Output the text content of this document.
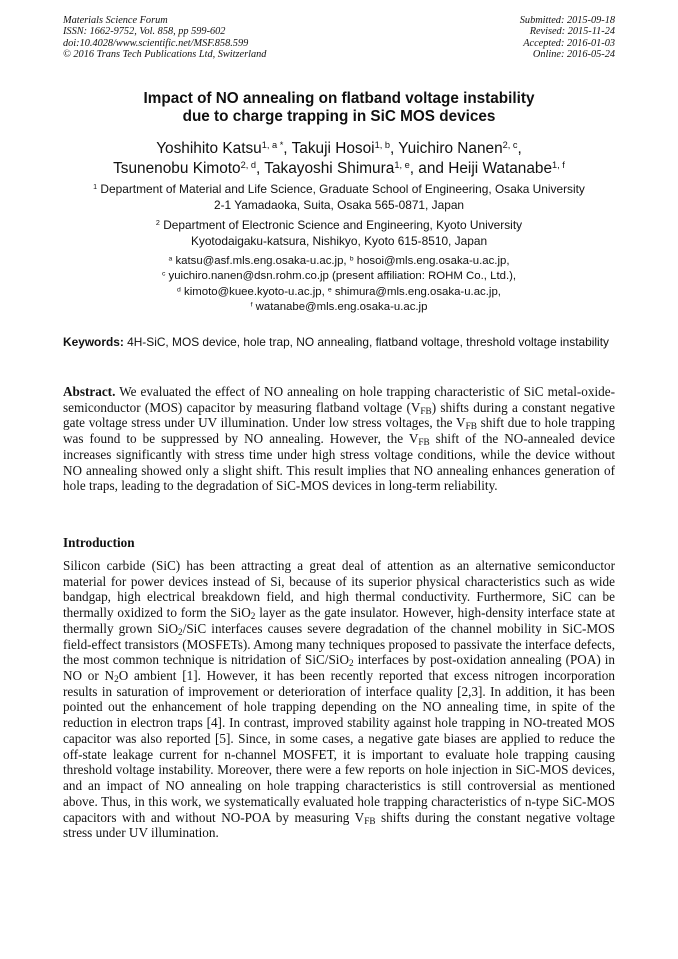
Materials Science Forum
ISSN: 1662-9752, Vol. 858, pp 599-602
doi:10.4028/www.scientific.net/MSF.858.599
© 2016 Trans Tech Publications Ltd, Switzerland
Submitted: 2015-09-18
Revised: 2015-11-24
Accepted: 2016-01-03
Online: 2016-05-24
Impact of NO annealing on flatband voltage instability
due to charge trapping in SiC MOS devices
Yoshihito Katsu$^{1, a *}$, Takuji Hosoi$^{1, b}$, Yuichiro Nanen$^{2, c}$,
Tsunenobu Kimoto$^{2, d}$, Takayoshi Shimura$^{1, e}$, and Heiji Watanabe$^{1, f}$
$^1$ Department of Material and Life Science, Graduate School of Engineering, Osaka University
2-1 Yamadaoka, Suita, Osaka 565-0871, Japan
$^2$ Department of Electronic Science and Engineering, Kyoto University
Kyotodaigaku-katsura, Nishikyo, Kyoto 615-8510, Japan
$^a$ katsu@asf.mls.eng.osaka-u.ac.jp, $^b$ hosoi@mls.eng.osaka-u.ac.jp,
$^c$ yuichiro.nanen@dsn.rohm.co.jp (present affiliation: ROHM Co., Ltd.),
$^d$ kimoto@kuee.kyoto-u.ac.jp, $^e$ shimura@mls.eng.osaka-u.ac.jp,
$^f$ watanabe@mls.eng.osaka-u.ac.jp
Keywords: 4H-SiC, MOS device, hole trap, NO annealing, flatband voltage, threshold voltage instability
Abstract. We evaluated the effect of NO annealing on hole trapping characteristic of SiC metal-oxide-semiconductor (MOS) capacitor by measuring flatband voltage $(V_{FB})$ shifts during a constant negative gate voltage stress under UV illumination. Under low stress voltages, the $V_{FB}$ shift due to hole trapping was found to be suppressed by NO annealing. However, the $V_{FB}$ shift of the NO-annealed device increases significantly with stress time under high stress voltage conditions, while the device without NO annealing showed only a slight shift. This result implies that NO annealing enhances generation of hole traps, leading to the degradation of SiC-MOS devices in long-term reliability.
Introduction
Silicon carbide (SiC) has been attracting a great deal of attention as an alternative semiconductor material for power devices instead of Si, because of its superior physical characteristics such as wide bandgap, high electrical breakdown field, and high thermal conductivity. Furthermore, SiC can be thermally oxidized to form the SiO$_2$ layer as the gate insulator. However, high-density interface state at thermally grown SiO$_2$/SiC interfaces causes severe degradation of the channel mobility in SiC-MOS field-effect transistors (MOSFETs). Among many techniques proposed to passivate the interface defects, the most common technique is nitridation of SiC/SiO$_2$ interfaces by post-oxidation annealing (POA) in NO or $N_2O$ ambient [1]. However, it has been recently reported that excess nitrogen incorporation results in saturation of improvement or deterioration of interface quality [2,3]. In addition, it has been pointed out the enhancement of hole trapping depending on the NO annealing time, in spite of the reduction in electron traps [4]. In contrast, improved stability against hole trapping in NO-treated MOS capacitor was also reported [5]. Since, in some cases, a negative gate biases are applied to reduce the off-state leakage current for n-channel MOSFET, it is important to evaluate hole trapping causing threshold voltage instability. Moreover, there were a few reports on hole injection in SiC-MOS devices, and an impact of NO annealing on hole trapping characteristics is still controversial as mentioned above. Thus, in this work, we systematically evaluated hole trapping characteristics of n-type SiC-MOS capacitors with and without NO-POA by measuring $V_{FB}$ shifts during the constant negative voltage stress under UV illumination.
